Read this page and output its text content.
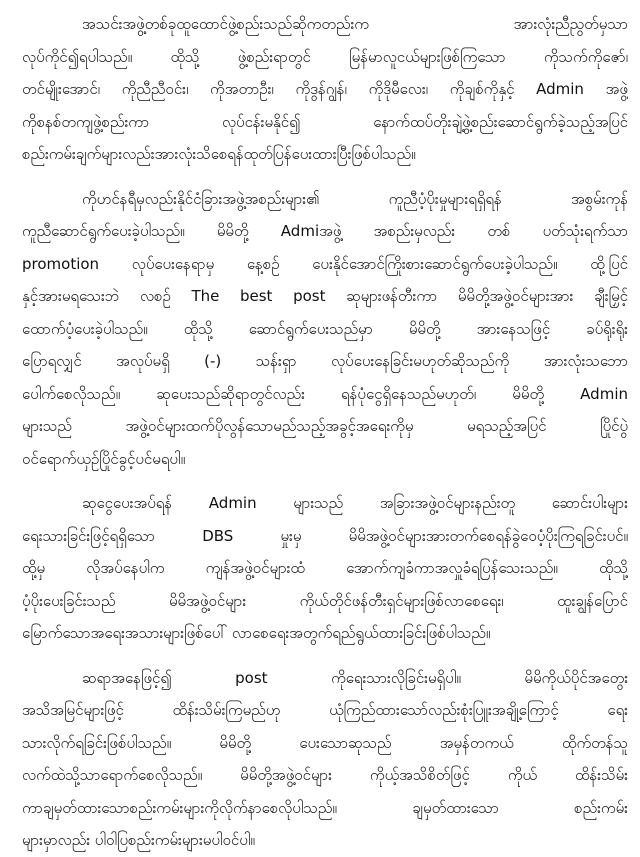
အသင်းအဖွဲ့တစ်ခုထူထောင်ဖွဲ့စည်းသည်ဆိုကတည်းက အားလုံးညီညွတ်မှသာ
လုပ်ကိုင်၍ရပါသည်။ ထိုသို့ ဖွဲ့စည်းရာတွင် မြန်မာလူငယ်များဖြစ်ကြသော ကိုသက်ကိုဇော်၊
တင်မျိုးအောင်၊ ကိုညီညီဝင်း၊ ကိုအတာဦး၊ ကိုဒွန်ဂျွန်၊ ကိုဒိုမီလေး၊ ကိုချစ်ကိုနှင့် Admin အဖွဲ့
ကိုစနစ်တကျဖွဲ့စည်းကာ လုပ်ငန်းမနိုင်၍ နောက်ထပ်တိုးချဲ့ဖွဲ့စည်းဆောင်ရွက်ခဲ့သည့်အပြင်
စည်းကမ်းချက်များလည်းအားလုံးသိစေရန်ထုတ်ပြန်ပေးထားပြီးဖြစ်ပါသည်။
ကိုဟင်နရီမှလည်းနိုင်ငံခြားအဖွဲ့အစည်းများ၏ ကူညီပံ့ပိုးမှုများရရှိရန် အစွမ်းကုန်
ကူညီဆောင်ရွက်ပေးခဲ့ပါသည်။ မိမိတို့ Admiအဖွဲ့ အစည်းမှလည်း တစ် ပတ်သုံးရက်သာ
promotion လုပ်ပေးနေရာမှ နေ့စဉ် ပေးနိုင်အောင်ကြိုးစားဆောင်ရွက်ပေးခဲ့ပါသည်။ ထို့ပြင်
နှင့်အားမရသေးဘဲ လစဉ် The best post ဆုများဖန်တီးကာ မိမိတို့အဖွဲ့ဝင်များအား ချီးမြှင့်
ထောက်ပံ့ပေးခဲ့ပါသည်။ ထိုသို့ ဆောင်ရွက်ပေးသည်မှာ မိမိတို့ အားနေသဖြင့် ခပ်ရိုးရိုး
ပြောရလျှင် အလုပ်မရှိ (-) သန်းရှာ လုပ်ပေးနေခြင်းမဟုတ်ဆိုသည်ကို အားလုံးသဘော
ပေါက်စေလိုသည်။ ဆုပေးသည်ဆိုရာတွင်လည်း ရန်ပုံငွေရှိနေသည်မဟုတ်၊ မိမိတို့ Admin
များသည် အဖွဲ့ဝင်များထက်ပိုလွန်သောမည်သည့်အခွင့်အရေးကိုမှ မရသည့်အပြင် ပြိုင်ပွဲ
ဝင်ရောက်ယှဉ်ပြိုင်ခွင့်ပင်မရပါ။
ဆုငွေပေးအပ်ရန် Admin များသည် အခြားအဖွဲ့ဝင်များနည်းတူ ဆောင်းပါးများ
ရေးသားခြင်းဖြင့်ရရှိသော DBS မှုးမှ မိမိအဖွဲ့ဝင်များအားတက်စေရန်ခွဲဝေပံ့ပိုးကြရခြင်းပင်။
ထို့မှ လိုအပ်နေပါက ကျန်အဖွဲ့ဝင်များထံ အောက်ကျခံကာအလှူခံရပြန်သေးသည်။ ထိုသို့
ပံ့ပိုးပေးခြင်းသည် မိမိအဖွဲ့ဝင်များ ကိုယ်တိုင်ဖန်တီးရှင်များဖြစ်လာစေရေး၊ ထူးချွန်ပြောင်
မြောက်သောအရေးအသားများဖြစ်ပေါ် လာစေရေးအတွက်ရည်ရွယ်ထားခြင်းဖြစ်ပါသည်။
ဆရာအနေဖြင့်၍ post ကိုရေးသားလိုခြင်းမရှိပါ။ မိမိကိုယ်ပိုင်အတွေး
အသိအမြင်များဖြင့် ထိန်းသိမ်းကြမည်ဟု ယုံကြည်ထားသော်လည်းစုံးပြူးအချို့ကြောင့် ရေး
သားလိုက်ရခြင်းဖြစ်ပါသည်။ မိမိတို့ ပေးသောဆုသည် အမှန်တကယ် ထိုက်တန်သူ
လက်ထဲသို့သာရောက်စေလိုသည်။ မိမိတို့အဖွဲ့ဝင်များ ကိုယ့်အသိစိတ်ဖြင့် ကိုယ် ထိန်းသိမ်း
ကာချမှတ်ထားသောစည်းကမ်းများကိုလိုက်နာစေလိုပါသည်။ ချမှတ်ထားသော စည်းကမ်း
များမှာလည်း ပါဝါပြစည်းကမ်းများမပါဝင်ပါ။
